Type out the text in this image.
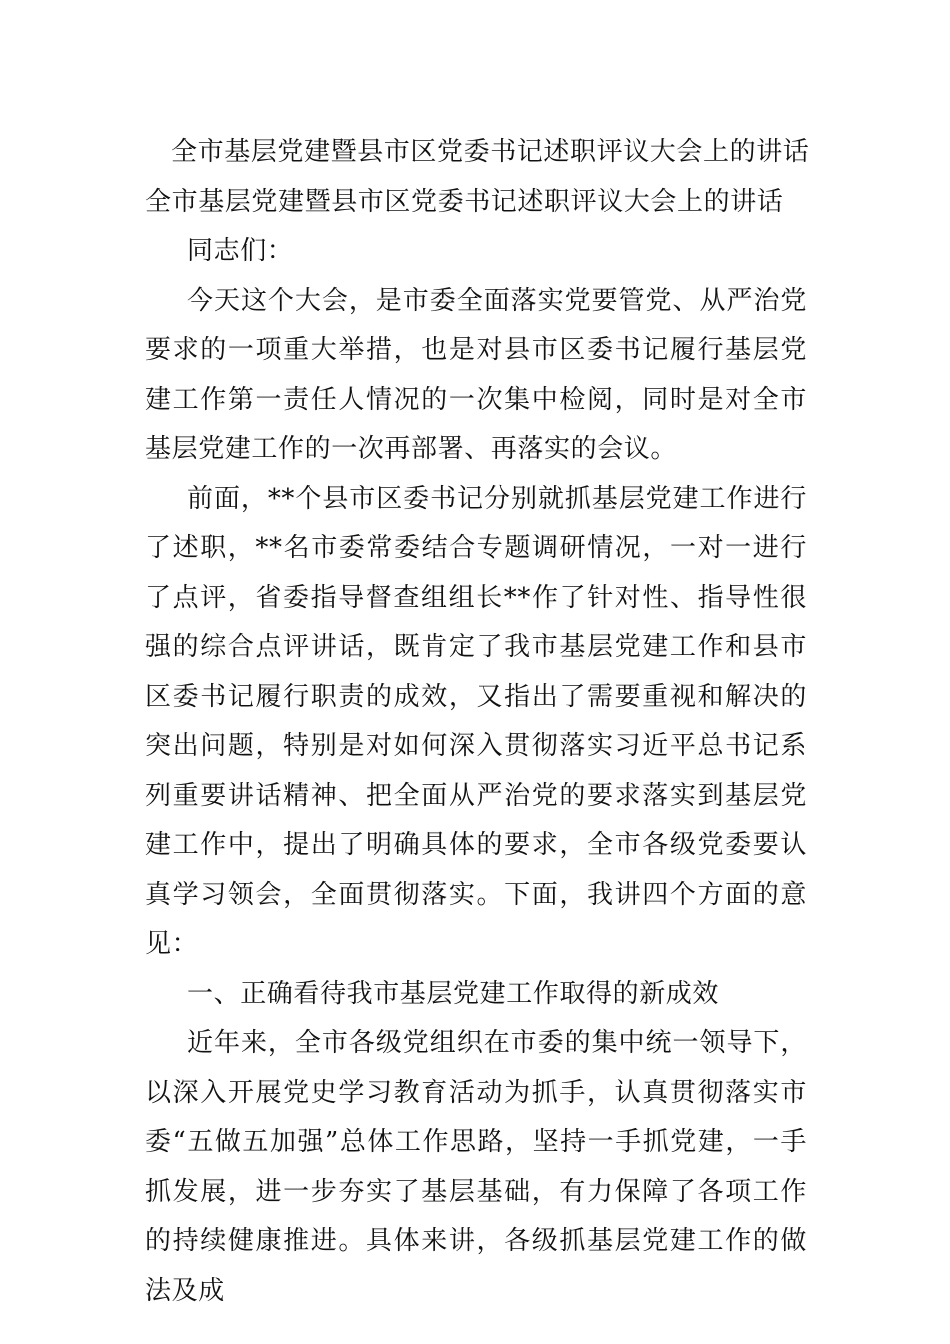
全市基层党建暨县市区党委书记述职评议大会上的讲话
全市基层党建暨县市区党委书记述职评议大会上的讲话

同志们：

今天这个大会，是市委全面落实党要管党、从严治党要求的一项重大举措，也是对县市区委书记履行基层党建工作第一责任人情况的一次集中检阅，同时是对全市基层党建工作的一次再部署、再落实的会议。

前面，**个县市区委书记分别就抓基层党建工作进行了述职，**名市委常委结合专题调研情况，一对一进行了点评，省委指导督查组组长**作了针对性、指导性很强的综合点评讲话，既肯定了我市基层党建工作和县市区委书记履行职责的成效，又指出了需要重视和解决的突出问题，特别是对如何深入贯彻落实习近平总书记系列重要讲话精神、把全面从严治党的要求落实到基层党建工作中，提出了明确具体的要求，全市各级党委要认真学习领会，全面贯彻落实。下面，我讲四个方面的意见：

一、正确看待我市基层党建工作取得的新成效

近年来，全市各级党组织在市委的集中统一领导下，以深入开展党史学习教育活动为抓手，认真贯彻落实市委“五做五加强”总体工作思路，坚持一手抓党建，一手抓发展，进一步夯实了基层基础，有力保障了各项工作的持续健康推进。具体来讲，各级抓基层党建工作的做法及成
